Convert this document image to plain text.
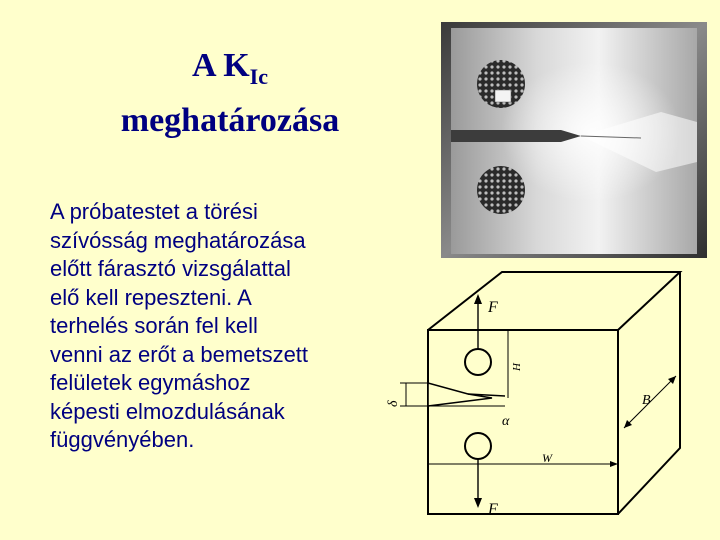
A $K_{Ic}$
meghatározása
A próbatestet a törési
szívósság meghatározása
előtt fárasztó vizsgálattal
elő kell repeszteni. A
terhelés során fel kell
venni az erőt a bemetszett
felületek egymáshoz
képesti elmozdulásának
függvényében.
F
F
H
δ
α
W
B
